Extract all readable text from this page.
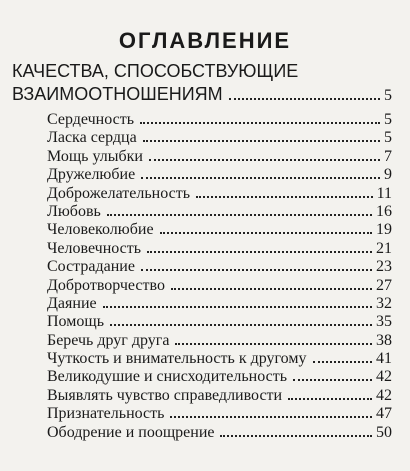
ОГЛАВЛЕНИЕ
КАЧЕСТВА, СПОСОБСТВУЮЩИЕ
ВЗАИМООТНОШЕНИЯМ	5
Сердечность	5
Ласка сердца	5
Мощь улыбки	7
Дружелюбие	9
Доброжелательность	11
Любовь	16
Человеколюбие	19
Человечность	21
Сострадание	23
Добротворчество	27
Даяние	32
Помощь	35
Беречь друг друга	38
Чуткость и внимательность к другому	41
Великодушие и снисходительность	42
Выявлять чувство справедливости	42
Признательность	47
Ободрение и поощрение	50
